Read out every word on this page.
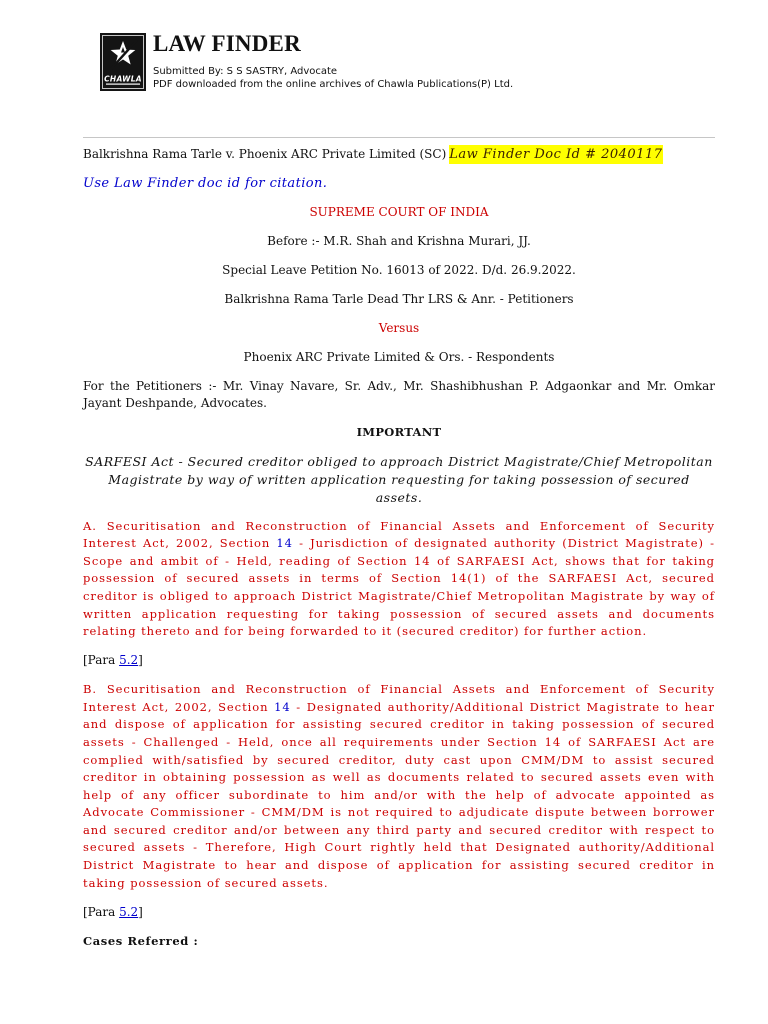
CHAWLA
LAW FINDER
Submitted By: S S SASTRY, Advocate
PDF downloaded from the online archives of Chawla Publications(P) Ltd.

Balkrishna Rama Tarle v. Phoenix ARC Private Limited (SC) Law Finder Doc Id # 2040117

Use Law Finder doc id for citation.

SUPREME COURT OF INDIA

Before :- M.R. Shah and Krishna Murari, JJ.

Special Leave Petition No. 16013 of 2022. D/d. 26.9.2022.

Balkrishna Rama Tarle Dead Thr LRS & Anr. - Petitioners

Versus

Phoenix ARC Private Limited & Ors. - Respondents

For the Petitioners :- Mr. Vinay Navare, Sr. Adv., Mr. Shashibhushan P. Adgaonkar and Mr. Omkar Jayant Deshpande, Advocates.

IMPORTANT

SARFESI Act - Secured creditor obliged to approach District Magistrate/Chief Metropolitan Magistrate by way of written application requesting for taking possession of secured assets.

A. Securitisation and Reconstruction of Financial Assets and Enforcement of Security Interest Act, 2002, Section 14 - Jurisdiction of designated authority (District Magistrate) - Scope and ambit of - Held, reading of Section 14 of SARFAESI Act, shows that for taking possession of secured assets in terms of Section 14(1) of the SARFAESI Act, secured creditor is obliged to approach District Magistrate/Chief Metropolitan Magistrate by way of written application requesting for taking possession of secured assets and documents relating thereto and for being forwarded to it (secured creditor) for further action.

[Para 5.2]

B. Securitisation and Reconstruction of Financial Assets and Enforcement of Security Interest Act, 2002, Section 14 - Designated authority/Additional District Magistrate to hear and dispose of application for assisting secured creditor in taking possession of secured assets - Challenged - Held, once all requirements under Section 14 of SARFAESI Act are complied with/satisfied by secured creditor, duty cast upon CMM/DM to assist secured creditor in obtaining possession as well as documents related to secured assets even with help of any officer subordinate to him and/or with the help of advocate appointed as Advocate Commissioner - CMM/DM is not required to adjudicate dispute between borrower and secured creditor and/or between any third party and secured creditor with respect to secured assets - Therefore, High Court rightly held that Designated authority/Additional District Magistrate to hear and dispose of application for assisting secured creditor in taking possession of secured assets.

[Para 5.2]

Cases Referred :
